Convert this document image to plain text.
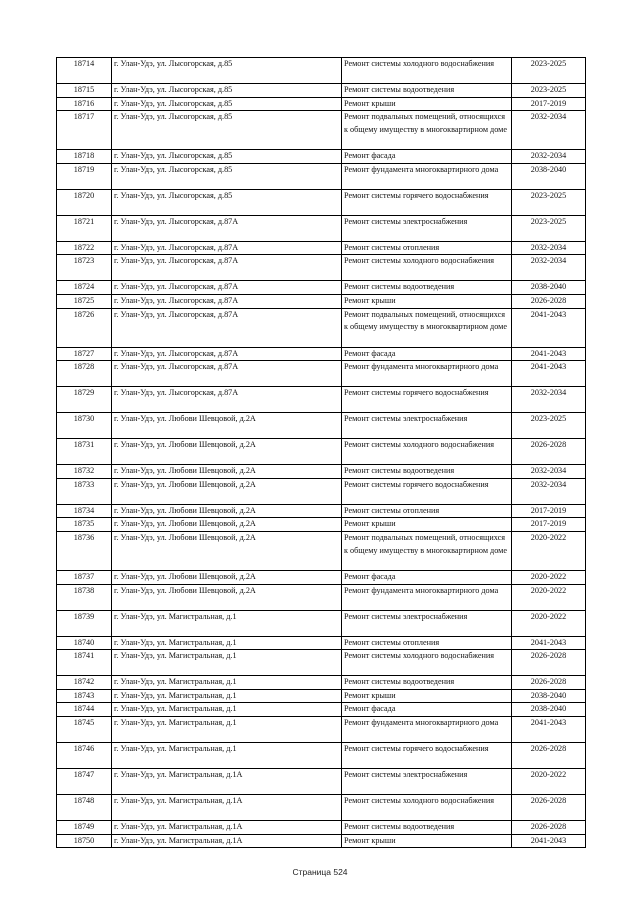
18714	г. Улан-Удэ, ул. Лысогорская, д.85	Ремонт системы холодного водоснабжения	2023-2025
18715	г. Улан-Удэ, ул. Лысогорская, д.85	Ремонт системы водоотведения	2023-2025
18716	г. Улан-Удэ, ул. Лысогорская, д.85	Ремонт крыши	2017-2019
18717	г. Улан-Удэ, ул. Лысогорская, д.85	Ремонт подвальных помещений, относящихся к общему имуществу в многоквартирном доме	2032-2034
18718	г. Улан-Удэ, ул. Лысогорская, д.85	Ремонт фасада	2032-2034
18719	г. Улан-Удэ, ул. Лысогорская, д.85	Ремонт фундамента многоквартирного дома	2038-2040
18720	г. Улан-Удэ, ул. Лысогорская, д.85	Ремонт системы горячего водоснабжения	2023-2025
18721	г. Улан-Удэ, ул. Лысогорская, д.87А	Ремонт системы электроснабжения	2023-2025
18722	г. Улан-Удэ, ул. Лысогорская, д.87А	Ремонт системы отопления	2032-2034
18723	г. Улан-Удэ, ул. Лысогорская, д.87А	Ремонт системы холодного водоснабжения	2032-2034
18724	г. Улан-Удэ, ул. Лысогорская, д.87А	Ремонт системы водоотведения	2038-2040
18725	г. Улан-Удэ, ул. Лысогорская, д.87А	Ремонт крыши	2026-2028
18726	г. Улан-Удэ, ул. Лысогорская, д.87А	Ремонт подвальных помещений, относящихся к общему имуществу в многоквартирном доме	2041-2043
18727	г. Улан-Удэ, ул. Лысогорская, д.87А	Ремонт фасада	2041-2043
18728	г. Улан-Удэ, ул. Лысогорская, д.87А	Ремонт фундамента многоквартирного дома	2041-2043
18729	г. Улан-Удэ, ул. Лысогорская, д.87А	Ремонт системы горячего водоснабжения	2032-2034
18730	г. Улан-Удэ, ул. Любови Шевцовой, д.2А	Ремонт системы электроснабжения	2023-2025
18731	г. Улан-Удэ, ул. Любови Шевцовой, д.2А	Ремонт системы холодного водоснабжения	2026-2028
18732	г. Улан-Удэ, ул. Любови Шевцовой, д.2А	Ремонт системы водоотведения	2032-2034
18733	г. Улан-Удэ, ул. Любови Шевцовой, д.2А	Ремонт системы горячего водоснабжения	2032-2034
18734	г. Улан-Удэ, ул. Любови Шевцовой, д.2А	Ремонт системы отопления	2017-2019
18735	г. Улан-Удэ, ул. Любови Шевцовой, д.2А	Ремонт крыши	2017-2019
18736	г. Улан-Удэ, ул. Любови Шевцовой, д.2А	Ремонт подвальных помещений, относящихся к общему имуществу в многоквартирном доме	2020-2022
18737	г. Улан-Удэ, ул. Любови Шевцовой, д.2А	Ремонт фасада	2020-2022
18738	г. Улан-Удэ, ул. Любови Шевцовой, д.2А	Ремонт фундамента многоквартирного дома	2020-2022
18739	г. Улан-Удэ, ул. Магистральная, д.1	Ремонт системы электроснабжения	2020-2022
18740	г. Улан-Удэ, ул. Магистральная, д.1	Ремонт системы отопления	2041-2043
18741	г. Улан-Удэ, ул. Магистральная, д.1	Ремонт системы холодного водоснабжения	2026-2028
18742	г. Улан-Удэ, ул. Магистральная, д.1	Ремонт системы водоотведения	2026-2028
18743	г. Улан-Удэ, ул. Магистральная, д.1	Ремонт крыши	2038-2040
18744	г. Улан-Удэ, ул. Магистральная, д.1	Ремонт фасада	2038-2040
18745	г. Улан-Удэ, ул. Магистральная, д.1	Ремонт фундамента многоквартирного дома	2041-2043
18746	г. Улан-Удэ, ул. Магистральная, д.1	Ремонт системы горячего водоснабжения	2026-2028
18747	г. Улан-Удэ, ул. Магистральная, д.1А	Ремонт системы электроснабжения	2020-2022
18748	г. Улан-Удэ, ул. Магистральная, д.1А	Ремонт системы холодного водоснабжения	2026-2028
18749	г. Улан-Удэ, ул. Магистральная, д.1А	Ремонт системы водоотведения	2026-2028
18750	г. Улан-Удэ, ул. Магистральная, д.1А	Ремонт крыши	2041-2043
Страница 524
